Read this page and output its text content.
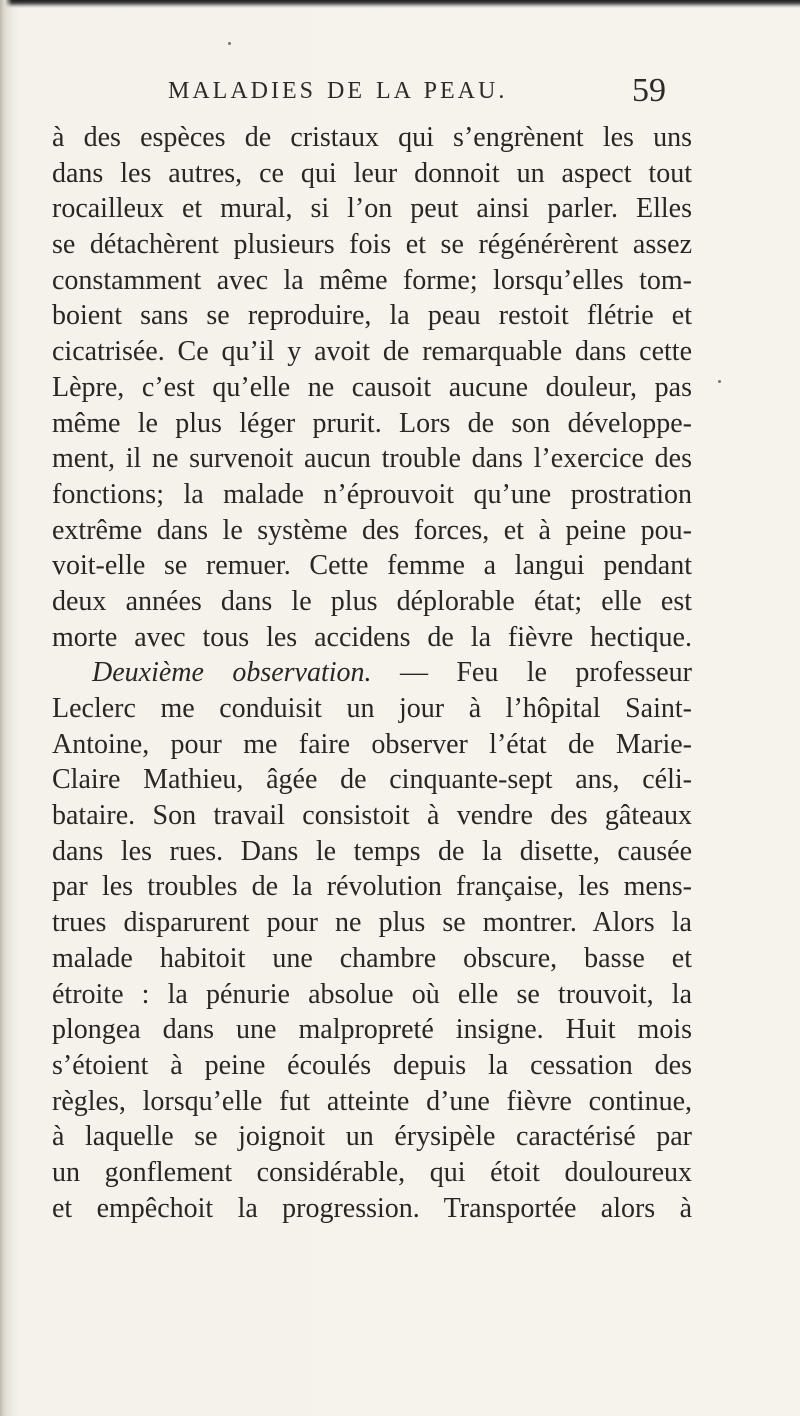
MALADIES DE LA PEAU.	59
à des espèces de cristaux qui s’engrènent les uns
dans les autres, ce qui leur donnoit un aspect tout
rocailleux et mural, si l’on peut ainsi parler. Elles
se détachèrent plusieurs fois et se régénérèrent assez
constamment avec la même forme; lorsqu’elles tom-
boient sans se reproduire, la peau restoit flétrie et
cicatrisée. Ce qu’il y avoit de remarquable dans cette
Lèpre, c’est qu’elle ne causoit aucune douleur, pas
même le plus léger prurit. Lors de son développe-
ment, il ne survenoit aucun trouble dans l’exercice des
fonctions; la malade n’éprouvoit qu’une prostration
extrême dans le système des forces, et à peine pou-
voit-elle se remuer. Cette femme a langui pendant
deux années dans le plus déplorable état; elle est
morte avec tous les accidens de la fièvre hectique.
Deuxième observation. — Feu le professeur
Leclerc me conduisit un jour à l’hôpital Saint-
Antoine, pour me faire observer l’état de Marie-
Claire Mathieu, âgée de cinquante-sept ans, céli-
bataire. Son travail consistoit à vendre des gâteaux
dans les rues. Dans le temps de la disette, causée
par les troubles de la révolution française, les mens-
trues disparurent pour ne plus se montrer. Alors la
malade habitoit une chambre obscure, basse et
étroite : la pénurie absolue où elle se trouvoit, la
plongea dans une malpropreté insigne. Huit mois
s’étoient à peine écoulés depuis la cessation des
règles, lorsqu’elle fut atteinte d’une fièvre continue,
à laquelle se joignoit un érysipèle caractérisé par
un gonflement considérable, qui étoit douloureux
et empêchoit la progression. Transportée alors à
